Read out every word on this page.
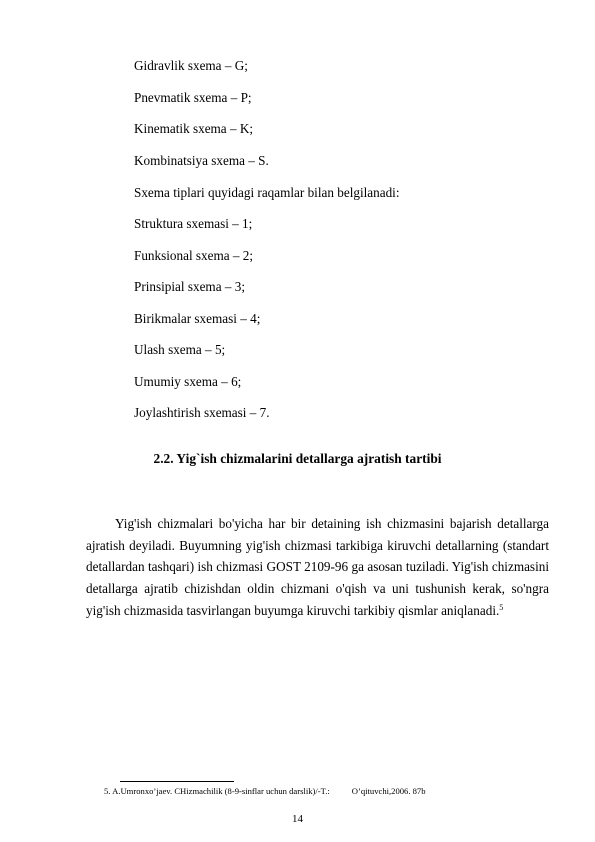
Gidravlik sxema – G;
Pnevmatik sxema – P;
Kinematik sxema – K;
Kombinatsiya sxema – S.
Sxema tiplari quyidagi raqamlar bilan belgilanadi:
Struktura sxemasi – 1;
Funksional sxema – 2;
Prinsipial sxema – 3;
Birikmalar sxemasi – 4;
Ulash sxema – 5;
Umumiy sxema – 6;
Joylashtirish sxemasi – 7.
2.2. Yig`ish chizmalarini detallarga ajratish tartibi

Yig'ish chizmalari bo'yicha har bir detaining ish chizmasini bajarish detallarga ajratish deyiladi. Buyumning yig'ish chizmasi tarkibiga kiruvchi detallarning (standart detallardan tashqari) ish chizmasi GOST 2109-96 ga asosan tuziladi. Yig'ish chizmasini detallarga ajratib chizishdan oldin chizmani o'qish va uni tushunish kerak, so'ngra yig'ish chizmasida tasvirlangan buyumga kiruvchi tarkibiy qismlar aniqlanadi.$^5$

5. A.Umronxo’jaev. CHizmachilik (8-9-sinflar uchun darslik)/-T.:	O’qituvchi,2006. 87b
14
